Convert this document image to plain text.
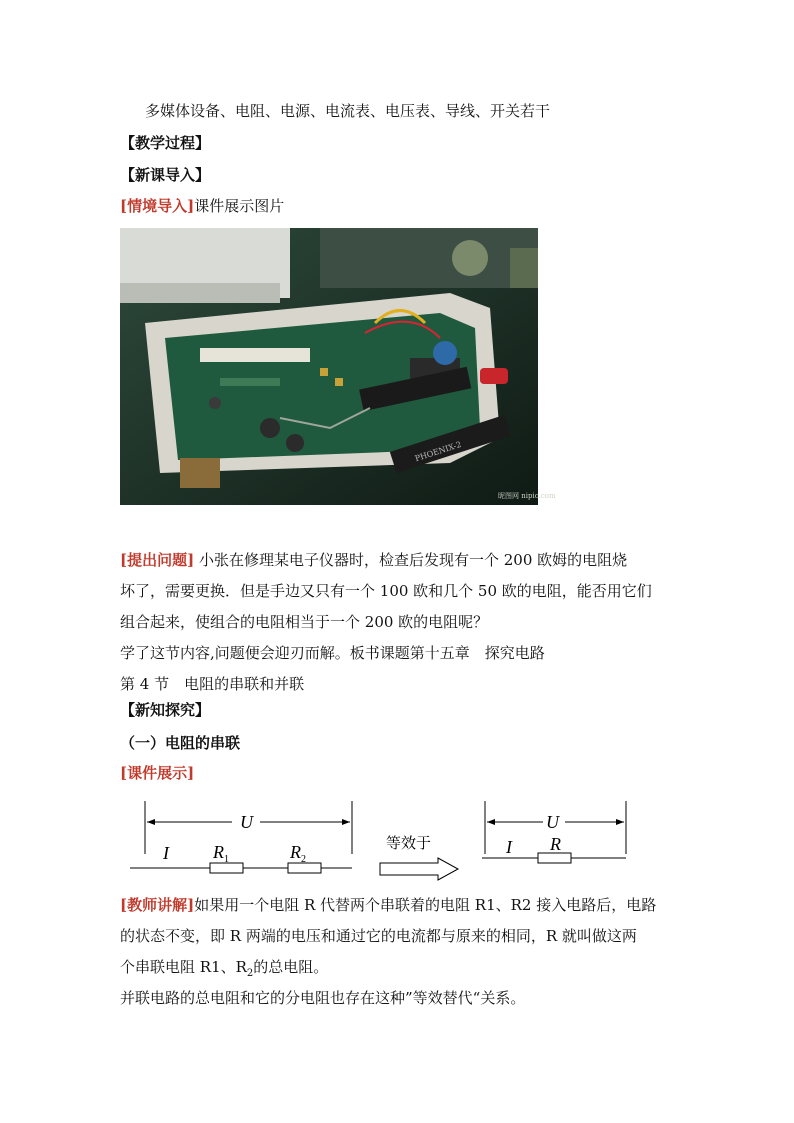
多媒体设备、电阻、电源、电流表、电压表、导线、开关若干
【教学过程】
【新课导入】
[情境导入]课件展示图片
PHOENIX-2
昵图网 nipic.com
[提出问题] 小张在修理某电子仪器时，检查后发现有一个 200 欧姆的电阻烧
坏了，需要更换．但是手边又只有一个 100 欧和几个 50 欧的电阻，能否用它们
组合起来，使组合的电阻相当于一个 200 欧的电阻呢？
学了这节内容,问题便会迎刃而解。板书课题第十五章　探究电路
第 4 节　电阻的串联和并联
【新知探究】
（一）电阻的串联
[课件展示]
U
I $R_1$	$R_2$
等效于
U
I R
[教师讲解]如果用一个电阻 R 代替两个串联着的电阻 R1、R2 接入电路后，电路
的状态不变，即 R 两端的电压和通过它的电流都与原来的相同，R 就叫做这两
个串联电阻 R1、$R_2$的总电阻。
并联电路的总电阻和它的分电阻也存在这种”等效替代“关系。
